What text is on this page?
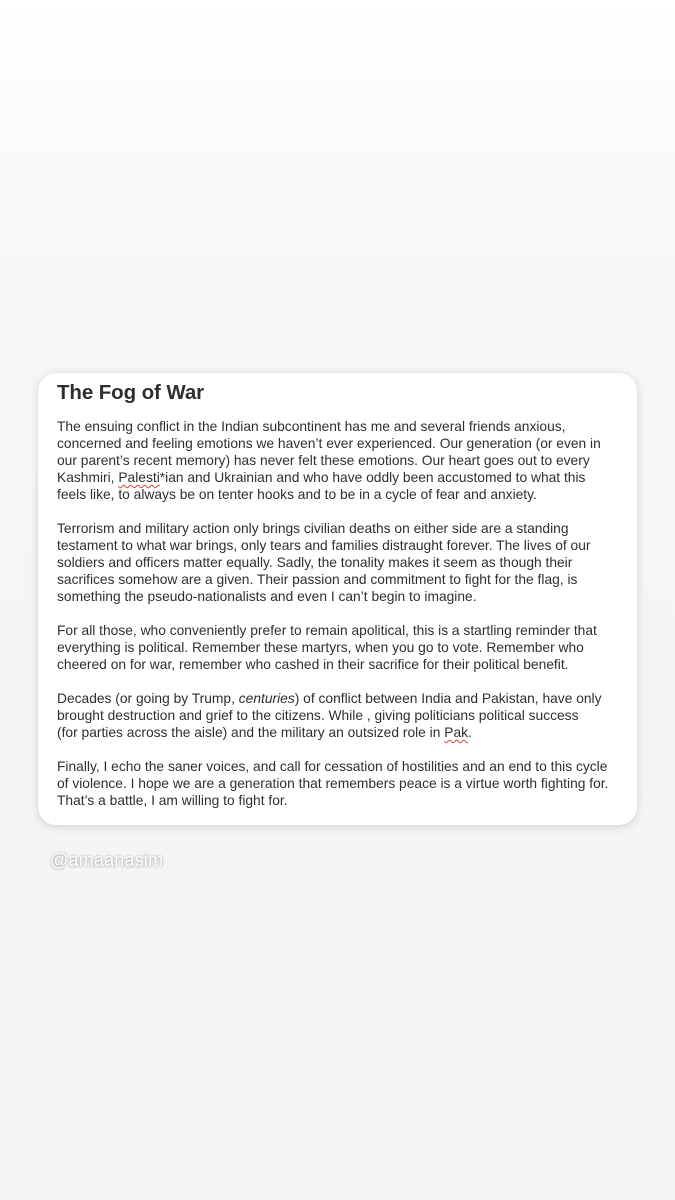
The Fog of War

The ensuing conflict in the Indian subcontinent has me and several friends anxious,
concerned and feeling emotions we haven’t ever experienced. Our generation (or even in
our parent’s recent memory) has never felt these emotions. Our heart goes out to every
Kashmiri, Palesti*ian and Ukrainian and who have oddly been accustomed to what this
feels like, to always be on tenter hooks and to be in a cycle of fear and anxiety.

Terrorism and military action only brings civilian deaths on either side are a standing
testament to what war brings, only tears and families distraught forever. The lives of our
soldiers and officers matter equally. Sadly, the tonality makes it seem as though their
sacrifices somehow are a given. Their passion and commitment to fight for the flag, is
something the pseudo-nationalists and even I can’t begin to imagine.

For all those, who conveniently prefer to remain apolitical, this is a startling reminder that
everything is political. Remember these martyrs, when you go to vote. Remember who
cheered on for war, remember who cashed in their sacrifice for their political benefit.

Decades (or going by Trump, centuries) of conflict between India and Pakistan, have only
brought destruction and grief to the citizens. While , giving politicians political success
(for parties across the aisle) and the military an outsized role in Pak.

Finally, I echo the saner voices, and call for cessation of hostilities and an end to this cycle
of violence. I hope we are a generation that remembers peace is a virtue worth fighting for.
That’s a battle, I am willing to fight for.

@amaanasim
